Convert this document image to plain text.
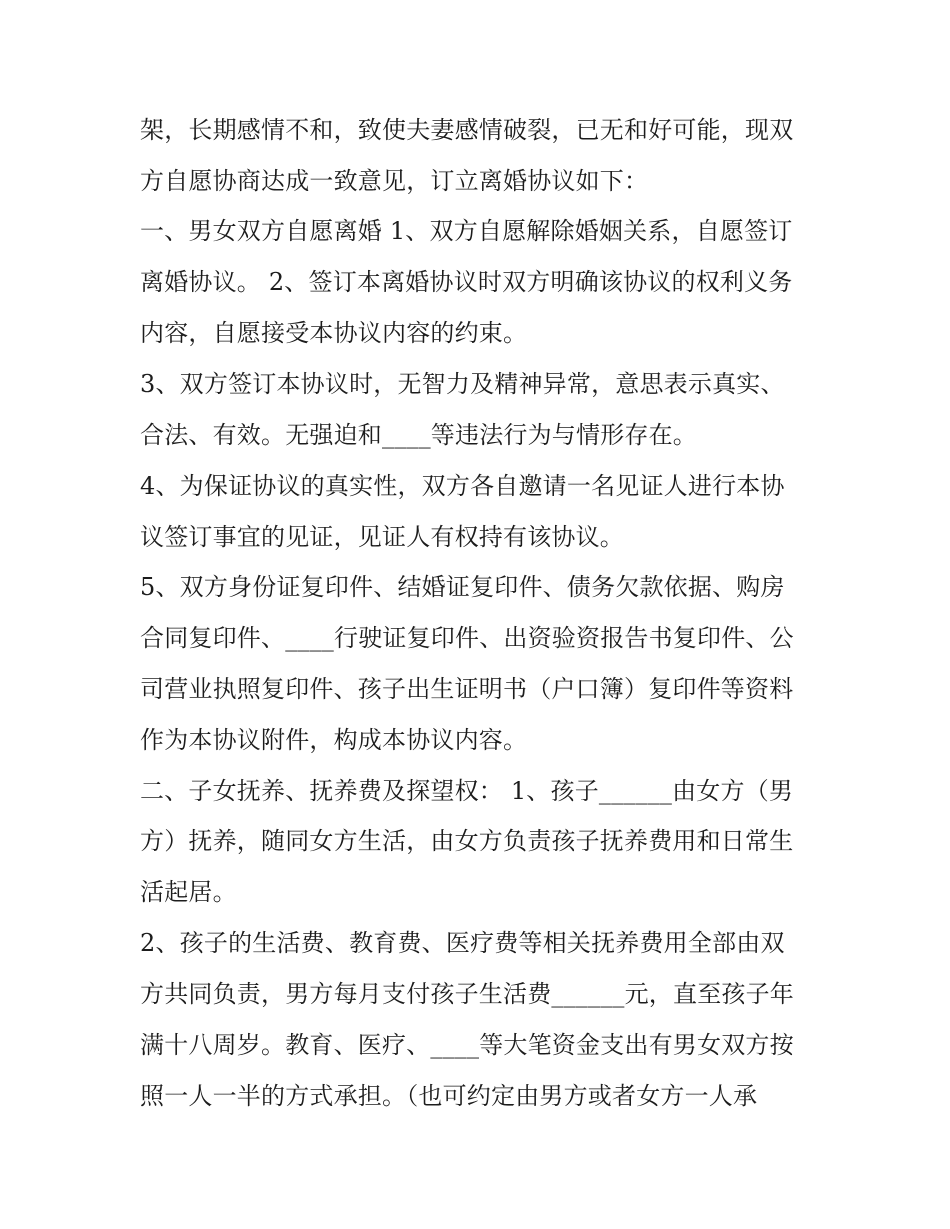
架，长期感情不和，致使夫妻感情破裂，已无和好可能，现双
方自愿协商达成一致意见，订立离婚协议如下：
一、男女双方自愿离婚 1、双方自愿解除婚姻关系，自愿签订
离婚协议。 2、签订本离婚协议时双方明确该协议的权利义务
内容，自愿接受本协议内容的约束。
3、双方签订本协议时，无智力及精神异常，意思表示真实、
合法、有效。无强迫和____等违法行为与情形存在。
4、为保证协议的真实性，双方各自邀请一名见证人进行本协
议签订事宜的见证，见证人有权持有该协议。
5、双方身份证复印件、结婚证复印件、债务欠款依据、购房
合同复印件、____行驶证复印件、出资验资报告书复印件、公
司营业执照复印件、孩子出生证明书（户口簿）复印件等资料
作为本协议附件，构成本协议内容。
二、子女抚养、抚养费及探望权： 1、孩子______由女方（男
方）抚养，随同女方生活，由女方负责孩子抚养费用和日常生
活起居。
2、孩子的生活费、教育费、医疗费等相关抚养费用全部由双
方共同负责，男方每月支付孩子生活费______元，直至孩子年
满十八周岁。教育、医疗、____等大笔资金支出有男女双方按
照一人一半的方式承担。（也可约定由男方或者女方一人承
